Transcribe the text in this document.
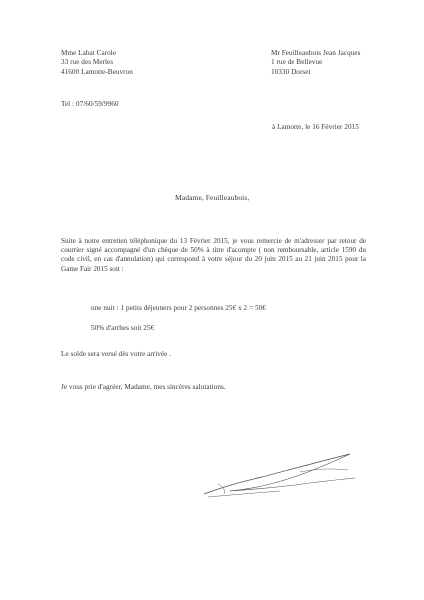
Mme Labat Carole
33 rue des Merles
41600 Lamotte-Beuvron
Mr Feuilleaubois Jean Jacques
1 rue de Bellevue
10330 Dorset
Tel : 07/60/59/9960
à Lamotte, le 16 Février 2015
Madame, Feuilleaubois,
Suite à notre entretien téléphonique du 13 Février 2015, je vous remercie de m'adresser par retour de courrier signé accompagné d'un chèque de 50% à titre d'acompte ( non remboursable, article 1590 du code civil, en cas d'annulation) qui correspond à votre séjour du 20 juin 2015 au 21 juin 2015 pour la Game Fair 2015 soit :
une nuit : 1 petits déjeuners pour 2 personnes 25€ x 2 = 50€
50% d'arrhes soit 25€
Le solde sera versé dès votre arrivée .
Je vous prie d'agréer, Madame, mes sincères salutations.
